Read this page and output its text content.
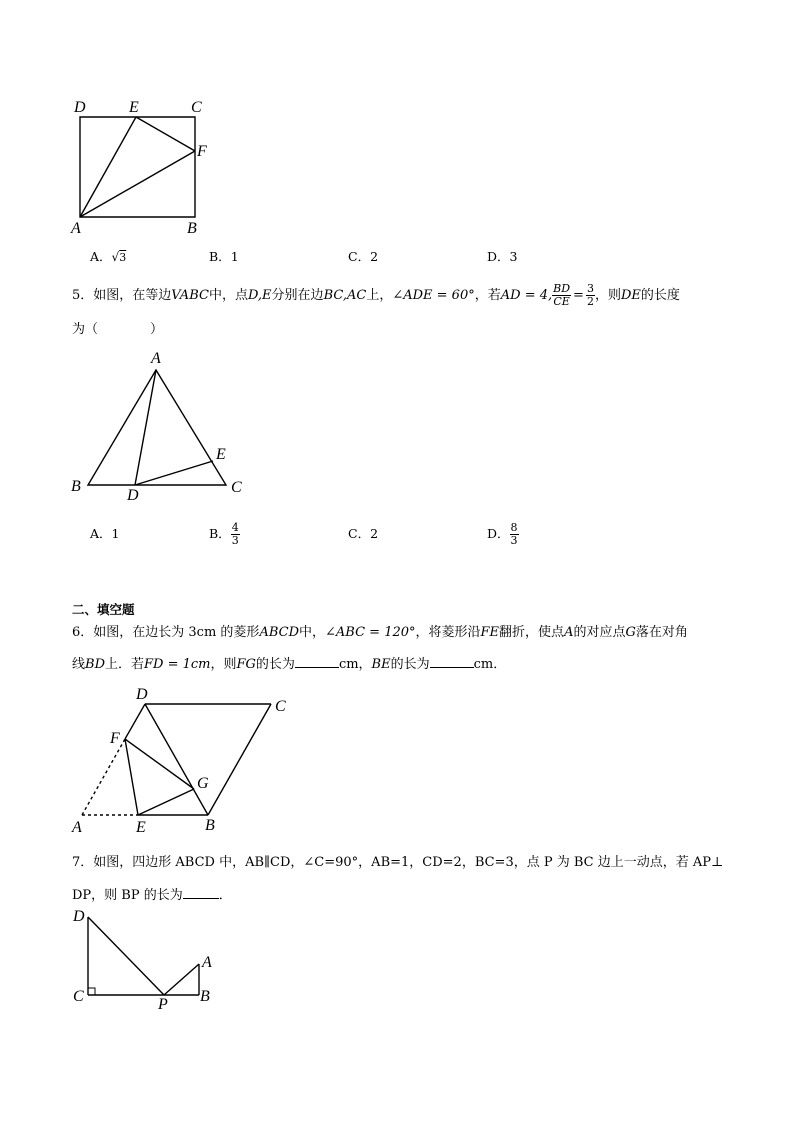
D	E	C
F
A	B
A．√3	B．1	C．2	D．3
5． 如图，在等边 VABC 中，点 D,E 分别在边 BC,AC 上， ∠ADE = 60° ，若 AD = 4, $\frac{BD}{CE} = \frac{3}{2}$ ，则 DE 的长度
为（　　　　）
A
B
D
E
C
A．1	B． $\frac{4}{3}$	C．2	D． $\frac{8}{3}$
二、填空题
6．如图，在边长为 3cm 的菱形ABCD中，∠ABC = 120°，将菱形沿FE翻折，使点A的对应点G落在对角
线BD上．若FD = 1cm，则FG的长为	cm，BE的长为	cm．
D
C
F
G
A	E	B
7．如图，四边形 ABCD 中，AB∥CD，∠C=90°，AB=1，CD=2，BC=3，点 P 为 BC 边上一动点，若 AP⊥
DP，则 BP 的长为	．
D
A
C	P B
